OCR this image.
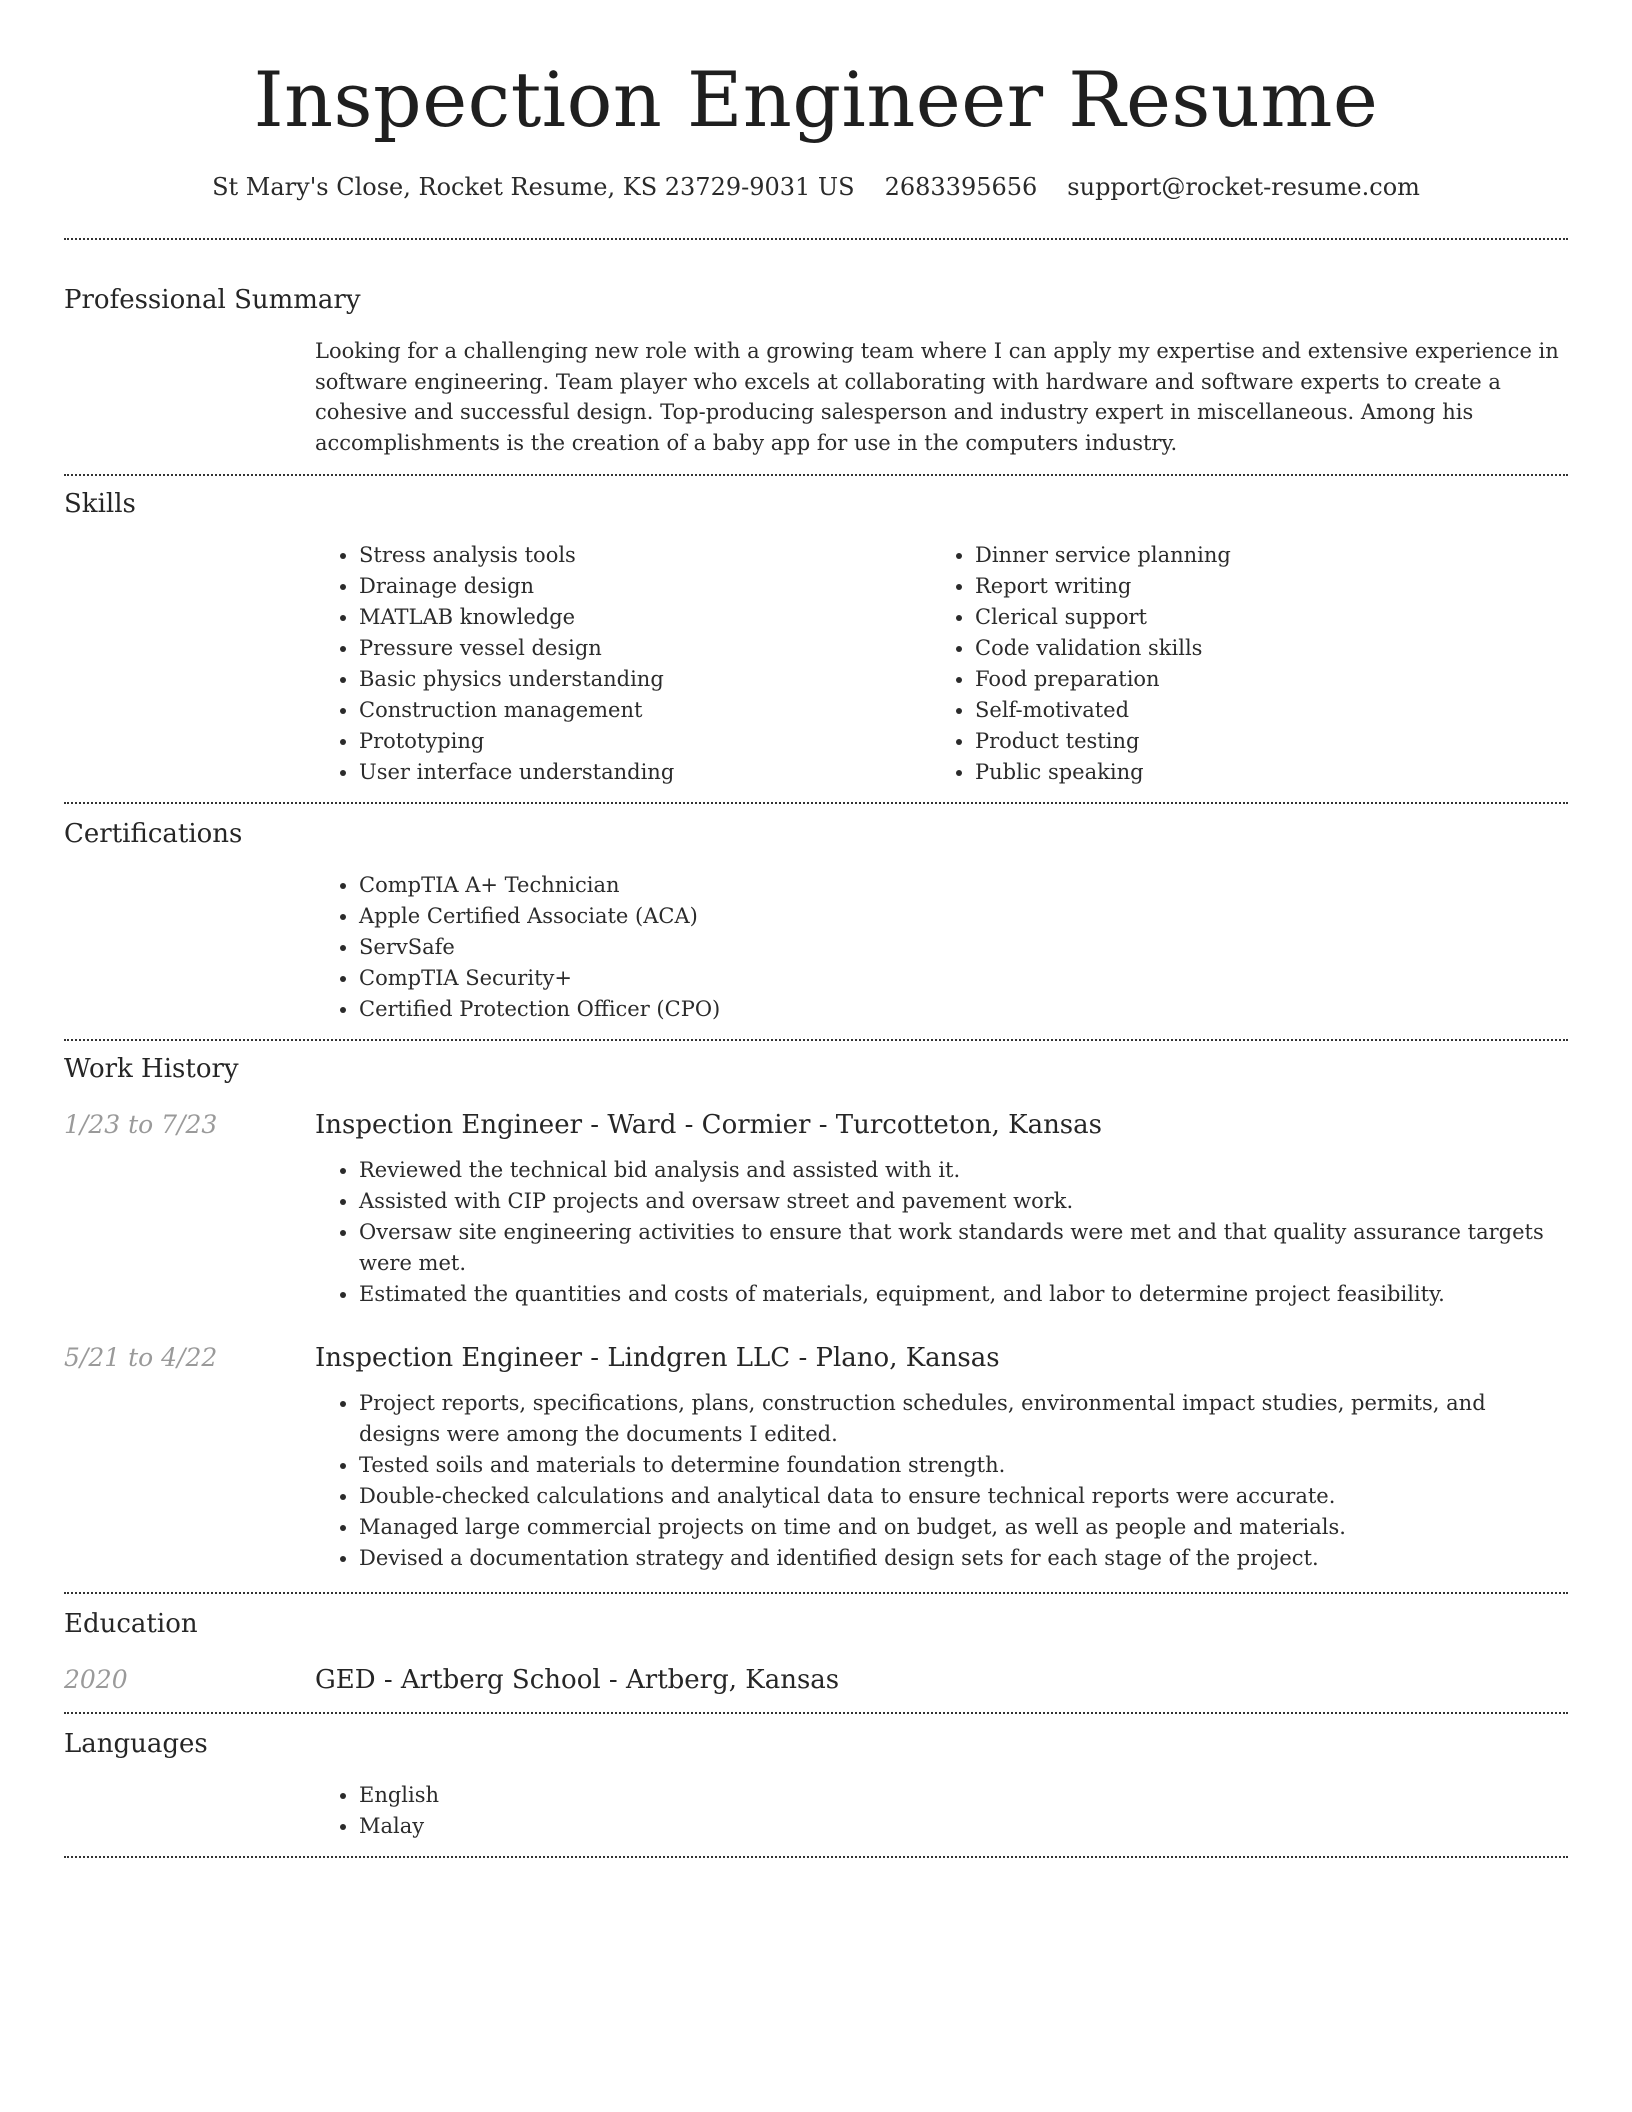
Inspection Engineer Resume
St Mary's Close, Rocket Resume, KS 23729-9031 US 2683395656 support@rocket-resume.com
Professional Summary

Looking for a challenging new role with a growing team where I can apply my expertise and extensive experience in software engineering. Team player who excels at collaborating with hardware and software experts to create a cohesive and successful design. Top-producing salesperson and industry expert in miscellaneous. Among his accomplishments is the creation of a baby app for use in the computers industry.

Skills
• Stress analysis tools
• Drainage design
• MATLAB knowledge
• Pressure vessel design
• Basic physics understanding
• Construction management
• Prototyping
• User interface understanding
• Dinner service planning
• Report writing
• Clerical support
• Code validation skills
• Food preparation
• Self-motivated
• Product testing
• Public speaking
Certifications
• CompTIA A+ Technician
• Apple Certified Associate (ACA)
• ServSafe
• CompTIA Security+
• Certified Protection Officer (CPO)
Work History
1/23 to 7/23	Inspection Engineer - Ward - Cormier - Turcotteton, Kansas
• Reviewed the technical bid analysis and assisted with it.
• Assisted with CIP projects and oversaw street and pavement work.
• Oversaw site engineering activities to ensure that work standards were met and that quality assurance targets were met.
• Estimated the quantities and costs of materials, equipment, and labor to determine project feasibility.
5/21 to 4/22	Inspection Engineer - Lindgren LLC - Plano, Kansas
• Project reports, specifications, plans, construction schedules, environmental impact studies, permits, and designs were among the documents I edited.
• Tested soils and materials to determine foundation strength.
• Double-checked calculations and analytical data to ensure technical reports were accurate.
• Managed large commercial projects on time and on budget, as well as people and materials.
• Devised a documentation strategy and identified design sets for each stage of the project.
Education
2020	GED - Artberg School - Artberg, Kansas
Languages
• English
• Malay
